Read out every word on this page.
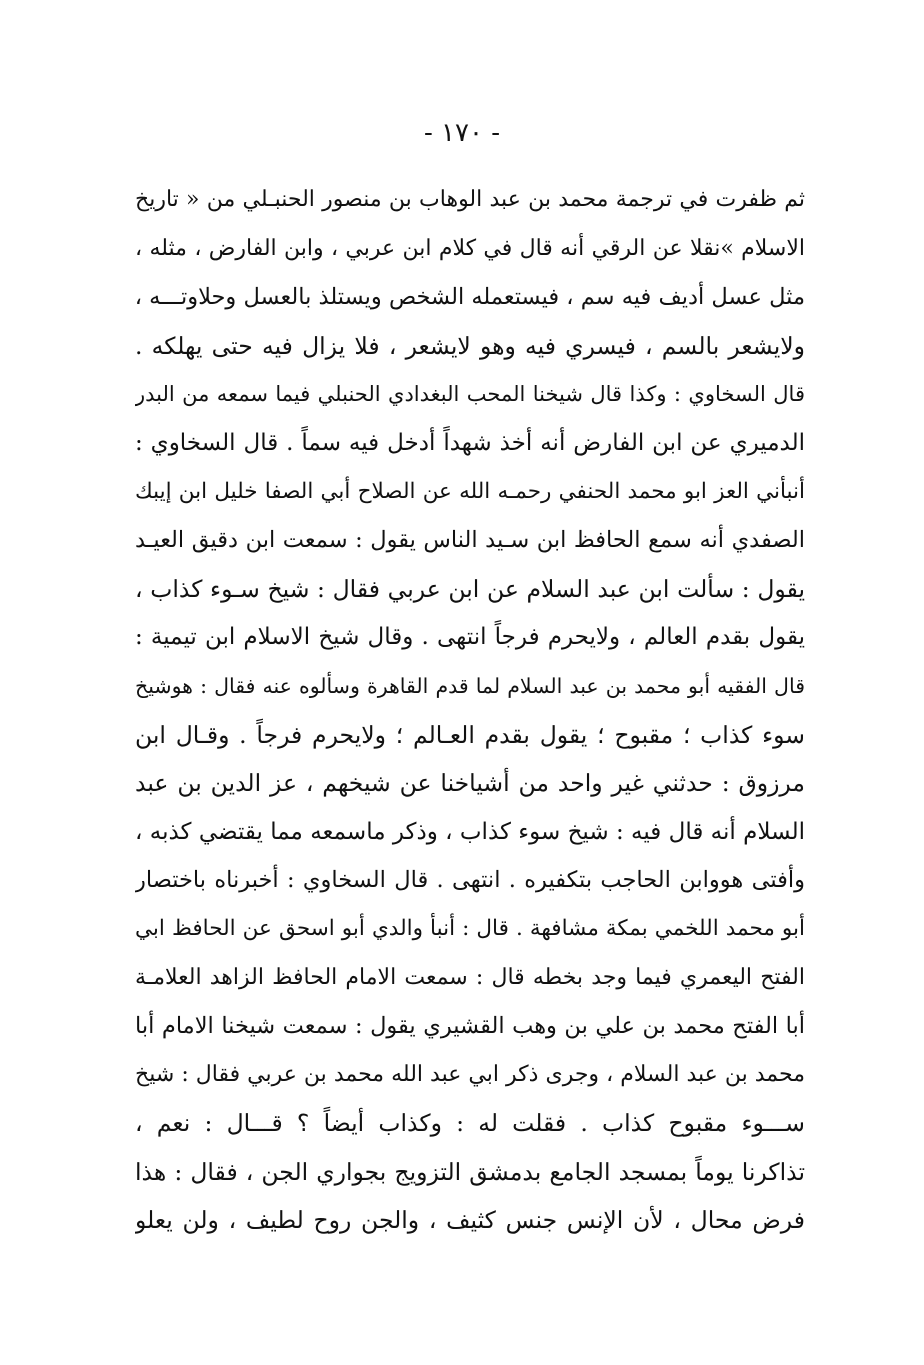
- ١٧٠ -
ثم ظفرت في ترجمة محمد بن عبد الوهاب بن منصور الحنبـلي من « تاريخ
الاسلام »نقلا عن الرقي أنه قال في كلام ابن عربي ، وابن الفارض ، مثله ،
مثل عسل أديف فيه سم ، فيستعمله الشخص ويستلذ بالعسل وحلاوتـــه ،
ولايشعر بالسم ، فيسري فيه وهو لايشعر ، فلا يزال فيه حتى يهلكه .
قال السخاوي : وكذا قال شيخنا المحب البغدادي الحنبلي فيما سمعه من البدر
الدميري عن ابن الفارض أنه أخذ شهداً أدخل فيه سماً . قال السخاوي :
أنبأني العز ابو محمد الحنفي رحمـه الله عن الصلاح أبي الصفا خليل ابن إيبك
الصفدي أنه سمع الحافظ ابن سـيد الناس يقول : سمعت ابن دقيق العيـد
يقول : سألت ابن عبد السلام عن ابن عربي فقال : شيخ سـوء كذاب ،
يقول بقدم العالم ، ولايحرم فرجاً انتهى . وقال شيخ الاسلام ابن تيمية :
قال الفقيه أبو محمد بن عبد السلام لما قدم القاهرة وسألوه عنه فقال : هوشيخ
سوء كذاب ؛ مقبوح ؛ يقول بقدم العـالم ؛ ولايحرم فرجاً . وقـال ابن
مرزوق : حدثني غير واحد من أشياخنا عن شيخهم ، عز الدين بن عبد
السلام أنه قال فيه : شيخ سوء كذاب ، وذكر ماسمعه مما يقتضي كذبه ،
وأفتى هووابن الحاجب بتكفيره . انتهى . قال السخاوي : أخبرناه باختصار
أبو محمد اللخمي بمكة مشافهة . قال : أنبأ والدي أبو اسحق عن الحافظ ابي
الفتح اليعمري فيما وجد بخطه قال : سمعت الامام الحافظ الزاهد العلامـة
أبا الفتح محمد بن علي بن وهب القشيري يقول : سمعت شيخنا الامام أبا
محمد بن عبد السلام ، وجرى ذكر ابي عبد الله محمد بن عربي فقال : شيخ
ســـوء مقبوح كذاب . فقلت له : وكذاب أيضاً ؟ قـــال : نعم ،
تذاكرنا يوماً بمسجد الجامع بدمشق التزويج بجواري الجن ، فقال : هذا
فرض محال ، لأن الإنس جنس كثيف ، والجن روح لطيف ، ولن يعلو
